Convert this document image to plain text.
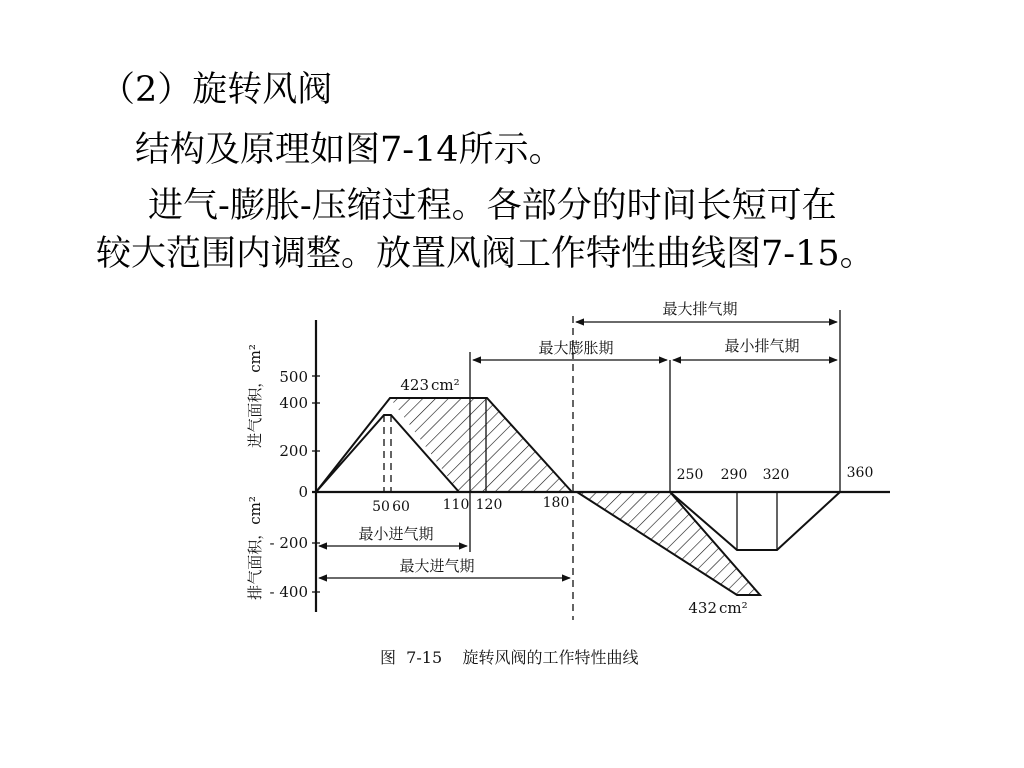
（2）旋转风阀
结构及原理如图7-14所示。
进气-膨胀-压缩过程。各部分的时间长短可在
较大范围内调整。放置风阀工作特性曲线图7-15。
最大排气期
最大膨胀期	最小排气期
最小进气期
最大进气期
500
400
200
0
- 200
- 400
50 60 110 120	180
250 290 320	360
423 cm²
432 cm²
进气面积，cm²
排气面积，cm²
图  7-15    旋转风阀的工作特性曲线
